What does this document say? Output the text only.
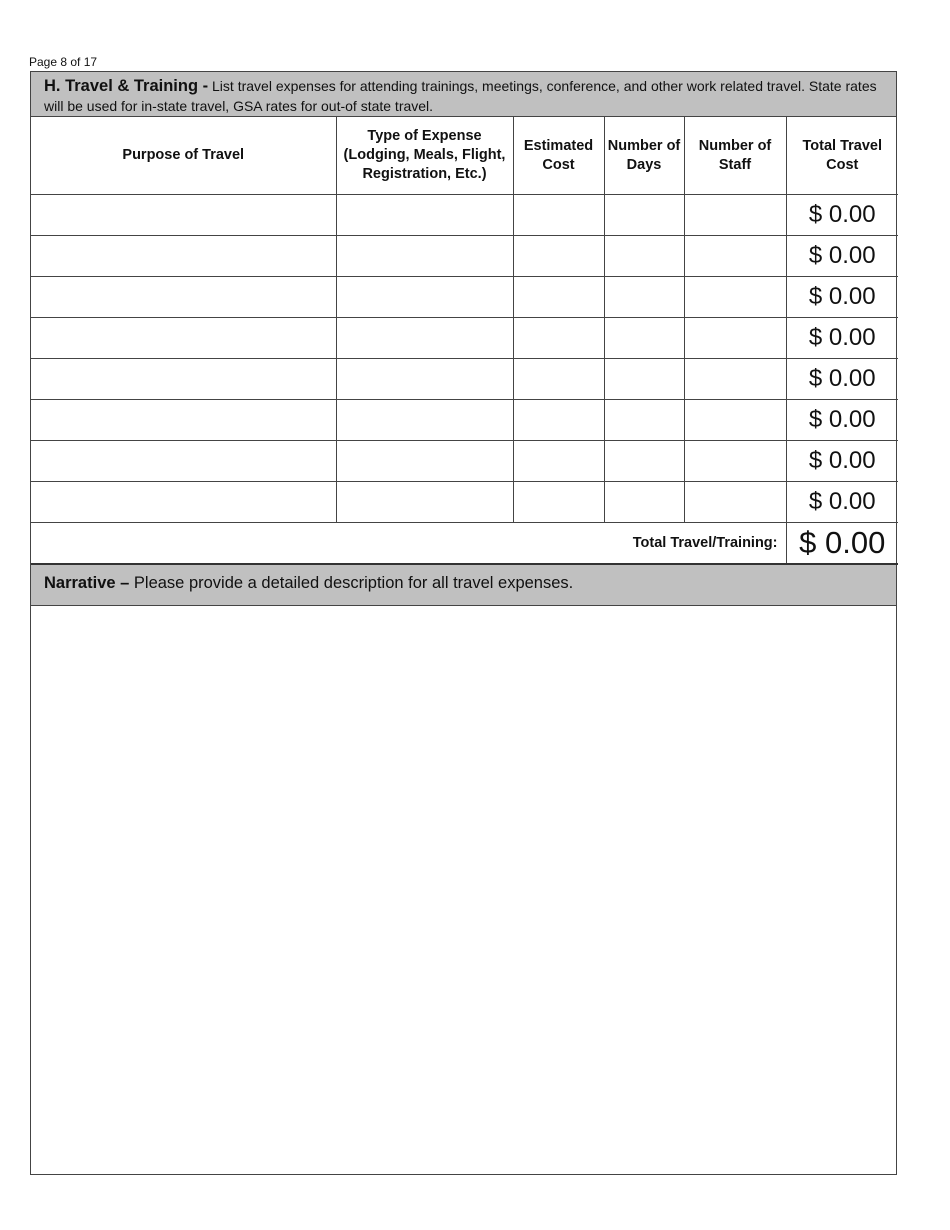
Page 8 of 17
H. Travel & Training - List travel expenses for attending trainings, meetings, conference, and other work related travel. State rates will be used for in-state travel, GSA rates for out-of state travel.
Purpose of Travel	Type of Expense (Lodging, Meals, Flight, Registration, Etc.)	Estimated Cost	Number of Days	Number of Staff	Total Travel Cost
					$ 0.00
					$ 0.00
					$ 0.00
					$ 0.00
					$ 0.00
					$ 0.00
					$ 0.00
					$ 0.00
Total Travel/Training:					$ 0.00
Narrative – Please provide a detailed description for all travel expenses.
